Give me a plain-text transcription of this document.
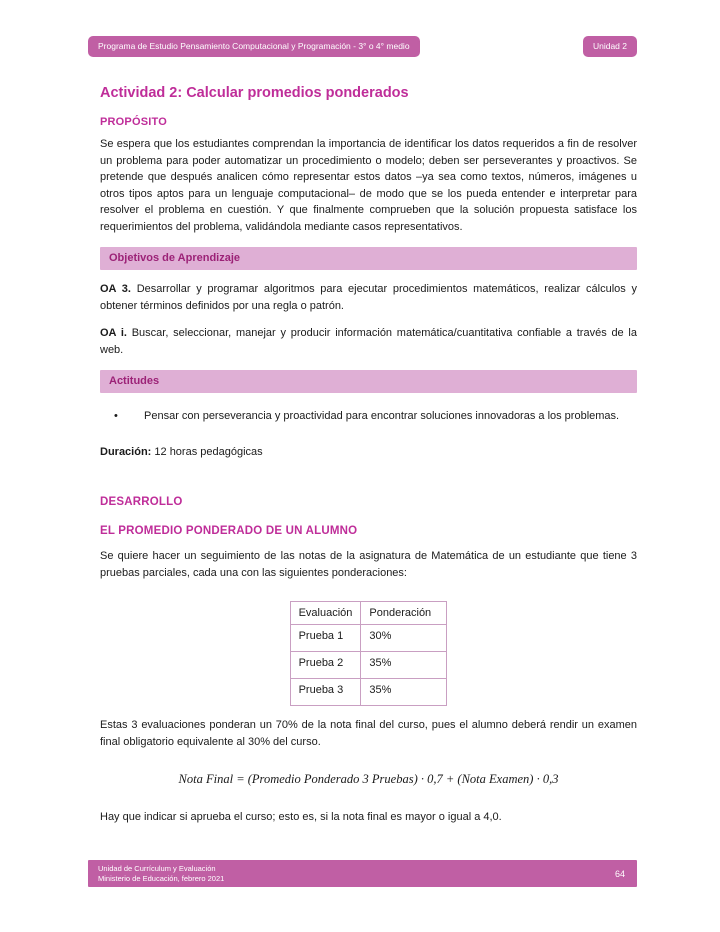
Programa de Estudio Pensamiento Computacional y Programación - 3° o 4° medio	Unidad 2
Actividad 2: Calcular promedios ponderados
PROPÓSITO

Se espera que los estudiantes comprendan la importancia de identificar los datos requeridos a fin de resolver un problema para poder automatizar un procedimiento o modelo; deben ser perseverantes y proactivos. Se pretende que después analicen cómo representar estos datos –ya sea como textos, números, imágenes u otros tipos aptos para un lenguaje computacional– de modo que se los pueda entender e interpretar para resolver el problema en cuestión. Y que finalmente comprueben que la solución propuesta satisface los requerimientos del problema, validándola mediante casos representativos.

Objetivos de Aprendizaje

OA 3. Desarrollar y programar algoritmos para ejecutar procedimientos matemáticos, realizar cálculos y obtener términos definidos por una regla o patrón.

OA i. Buscar, seleccionar, manejar y producir información matemática/cuantitativa confiable a través de la web.

Actitudes
•	Pensar con perseverancia y proactividad para encontrar soluciones innovadoras a los problemas.
Duración: 12 horas pedagógicas
DESARROLLO
EL PROMEDIO PONDERADO DE UN ALUMNO

Se quiere hacer un seguimiento de las notas de la asignatura de Matemática de un estudiante que tiene 3 pruebas parciales, cada una con las siguientes ponderaciones:

Evaluación	Ponderación
Prueba 1	30%
Prueba 2	35%
Prueba 3	35%

Estas 3 evaluaciones ponderan un 70% de la nota final del curso, pues el alumno deberá rendir un examen final obligatorio equivalente al 30% del curso.

Nota Final = (Promedio Ponderado 3 Pruebas) · 0,7 + (Nota Examen) · 0,3

Hay que indicar si aprueba el curso; esto es, si la nota final es mayor o igual a 4,0.

Unidad de Currículum y Evaluación
Ministerio de Educación, febrero 2021	64
